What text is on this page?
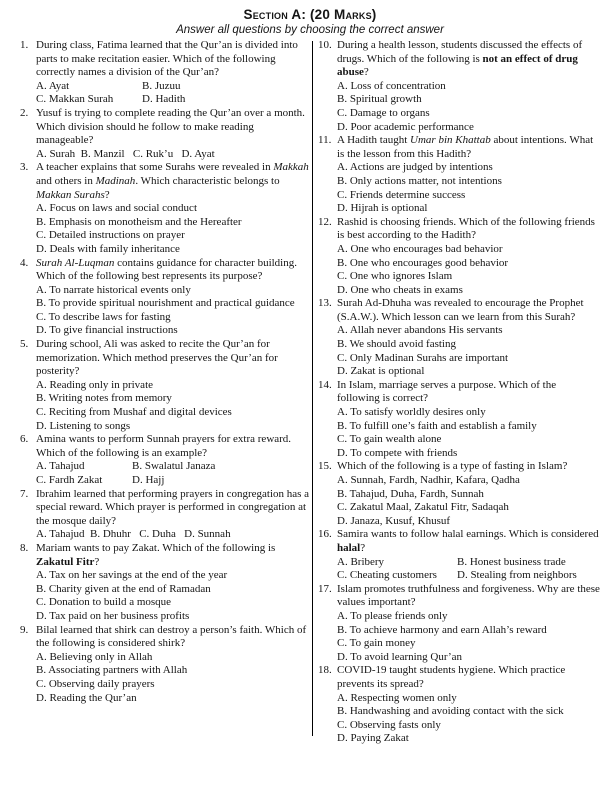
Section A: (20 Marks)
Answer all questions by choosing the correct answer
1. During class, Fatima learned that the Qur’an is divided into parts to make recitation easier. Which of the following correctly names a division of the Qur’an?
A. Ayat	B. Juzuu
C. Makkan Surah	D. Hadith
2. Yusuf is trying to complete reading the Qur’an over a month. Which division should he follow to make reading manageable?
A. Surah  B. Manzil   C. Ruk’u   D. Ayat
3. A teacher explains that some Surahs were revealed in Makkah and others in Madinah. Which characteristic belongs to Makkan Surahs?
A. Focus on laws and social conduct
B. Emphasis on monotheism and the Hereafter
C. Detailed instructions on prayer
D. Deals with family inheritance
4. Surah Al-Luqman contains guidance for character building. Which of the following best represents its purpose?
A. To narrate historical events only
B. To provide spiritual nourishment and practical guidance
C. To describe laws for fasting
D. To give financial instructions
5. During school, Ali was asked to recite the Qur’an for memorization. Which method preserves the Qur’an for posterity?
A. Reading only in private
B. Writing notes from memory
C. Reciting from Mushaf and digital devices
D. Listening to songs
6. Amina wants to perform Sunnah prayers for extra reward. Which of the following is an example?
A. Tahajud	B. Swalatul Janaza
C. Fardh Zakat	D. Hajj
7. Ibrahim learned that performing prayers in congregation has a special reward. Which prayer is performed in congregation at the mosque daily?
A. Tahajud  B. Dhuhr   C. Duha   D. Sunnah
8. Mariam wants to pay Zakat. Which of the following is Zakatul Fitr?
A. Tax on her savings at the end of the year
B. Charity given at the end of Ramadan
C. Donation to build a mosque
D. Tax paid on her business profits
9. Bilal learned that shirk can destroy a person’s faith. Which of the following is considered shirk?
A. Believing only in Allah
B. Associating partners with Allah
C. Observing daily prayers
D. Reading the Qur’an
10. During a health lesson, students discussed the effects of drugs. Which of the following is not an effect of drug abuse?
A. Loss of concentration
B. Spiritual growth
C. Damage to organs
D. Poor academic performance
11. A Hadith taught Umar bin Khattab about intentions. What is the lesson from this Hadith?
A. Actions are judged by intentions
B. Only actions matter, not intentions
C. Friends determine success
D. Hijrah is optional
12. Rashid is choosing friends. Which of the following friends is best according to the Hadith?
A. One who encourages bad behavior
B. One who encourages good behavior
C. One who ignores Islam
D. One who cheats in exams
13. Surah Ad-Dhuha was revealed to encourage the Prophet (S.A.W.). Which lesson can we learn from this Surah?
A. Allah never abandons His servants
B. We should avoid fasting
C. Only Madinan Surahs are important
D. Zakat is optional
14. In Islam, marriage serves a purpose. Which of the following is correct?
A. To satisfy worldly desires only
B. To fulfill one’s faith and establish a family
C. To gain wealth alone
D. To compete with friends
15. Which of the following is a type of fasting in Islam?
A. Sunnah, Fardh, Nadhir, Kafara, Qadha
B. Tahajud, Duha, Fardh, Sunnah
C. Zakatul Maal, Zakatul Fitr, Sadaqah
D. Janaza, Kusuf, Khusuf
16. Samira wants to follow halal earnings. Which is considered halal?
A. Bribery	B. Honest business trade
C. Cheating customers	D. Stealing from neighbors
17. Islam promotes truthfulness and forgiveness. Why are these values important?
A. To please friends only
B. To achieve harmony and earn Allah’s reward
C. To gain money
D. To avoid learning Qur’an
18. COVID-19 taught students hygiene. Which practice prevents its spread?
A. Respecting women only
B. Handwashing and avoiding contact with the sick
C. Observing fasts only
D. Paying Zakat
